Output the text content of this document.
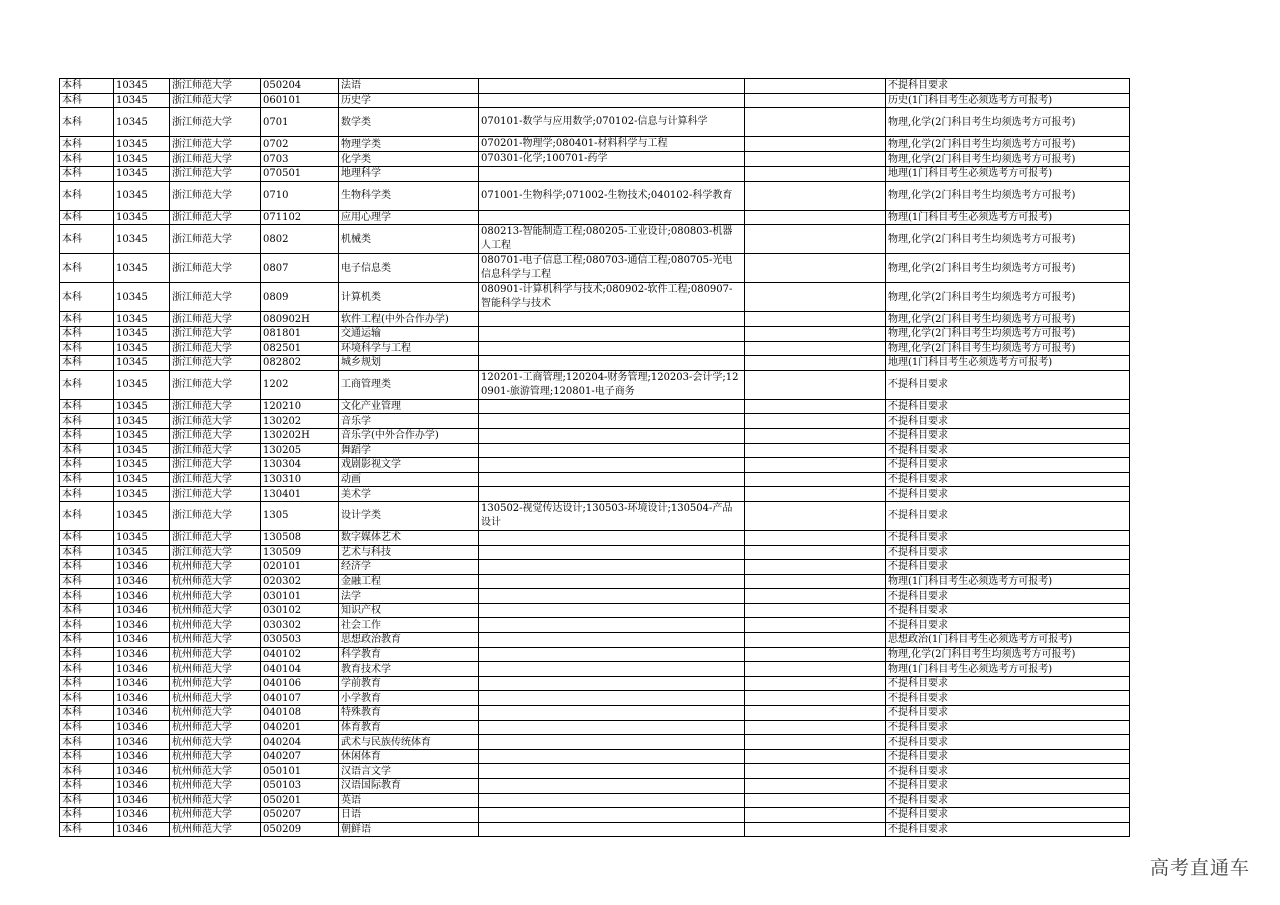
本科	10345	浙江师范大学	050204	法语			不提科目要求
本科	10345	浙江师范大学	060101	历史学			历史(1门科目考生必须选考方可报考)
本科	10345	浙江师范大学	0701	数学类	070101-数学与应用数学;070102-信息与计算科学		物理,化学(2门科目考生均须选考方可报考)
本科	10345	浙江师范大学	0702	物理学类	070201-物理学;080401-材料科学与工程		物理,化学(2门科目考生均须选考方可报考)
本科	10345	浙江师范大学	0703	化学类	070301-化学;100701-药学		物理,化学(2门科目考生均须选考方可报考)
本科	10345	浙江师范大学	070501	地理科学			地理(1门科目考生必须选考方可报考)
本科	10345	浙江师范大学	0710	生物科学类	071001-生物科学;071002-生物技术;040102-科学教育		物理,化学(2门科目考生均须选考方可报考)
本科	10345	浙江师范大学	071102	应用心理学			物理(1门科目考生必须选考方可报考)
本科	10345	浙江师范大学	0802	机械类	080213-智能制造工程;080205-工业设计;080803-机器人工程		物理,化学(2门科目考生均须选考方可报考)
本科	10345	浙江师范大学	0807	电子信息类	080701-电子信息工程;080703-通信工程;080705-光电信息科学与工程		物理,化学(2门科目考生均须选考方可报考)
本科	10345	浙江师范大学	0809	计算机类	080901-计算机科学与技术;080902-软件工程;080907-智能科学与技术		物理,化学(2门科目考生均须选考方可报考)
本科	10345	浙江师范大学	080902H	软件工程(中外合作办学)			物理,化学(2门科目考生均须选考方可报考)
本科	10345	浙江师范大学	081801	交通运输			物理,化学(2门科目考生均须选考方可报考)
本科	10345	浙江师范大学	082501	环境科学与工程			物理,化学(2门科目考生均须选考方可报考)
本科	10345	浙江师范大学	082802	城乡规划			地理(1门科目考生必须选考方可报考)
本科	10345	浙江师范大学	1202	工商管理类	120201-工商管理;120204-财务管理;120203-会计学;120901-旅游管理;120801-电子商务		不提科目要求
本科	10345	浙江师范大学	120210	文化产业管理			不提科目要求
本科	10345	浙江师范大学	130202	音乐学			不提科目要求
本科	10345	浙江师范大学	130202H	音乐学(中外合作办学)			不提科目要求
本科	10345	浙江师范大学	130205	舞蹈学			不提科目要求
本科	10345	浙江师范大学	130304	戏剧影视文学			不提科目要求
本科	10345	浙江师范大学	130310	动画			不提科目要求
本科	10345	浙江师范大学	130401	美术学			不提科目要求
本科	10345	浙江师范大学	1305	设计学类	130502-视觉传达设计;130503-环境设计;130504-产品设计		不提科目要求
本科	10345	浙江师范大学	130508	数字媒体艺术			不提科目要求
本科	10345	浙江师范大学	130509	艺术与科技			不提科目要求
本科	10346	杭州师范大学	020101	经济学			不提科目要求
本科	10346	杭州师范大学	020302	金融工程			物理(1门科目考生必须选考方可报考)
本科	10346	杭州师范大学	030101	法学			不提科目要求
本科	10346	杭州师范大学	030102	知识产权			不提科目要求
本科	10346	杭州师范大学	030302	社会工作			不提科目要求
本科	10346	杭州师范大学	030503	思想政治教育			思想政治(1门科目考生必须选考方可报考)
本科	10346	杭州师范大学	040102	科学教育			物理,化学(2门科目考生均须选考方可报考)
本科	10346	杭州师范大学	040104	教育技术学			物理(1门科目考生必须选考方可报考)
本科	10346	杭州师范大学	040106	学前教育			不提科目要求
本科	10346	杭州师范大学	040107	小学教育			不提科目要求
本科	10346	杭州师范大学	040108	特殊教育			不提科目要求
本科	10346	杭州师范大学	040201	体育教育			不提科目要求
本科	10346	杭州师范大学	040204	武术与民族传统体育			不提科目要求
本科	10346	杭州师范大学	040207	休闲体育			不提科目要求
本科	10346	杭州师范大学	050101	汉语言文学			不提科目要求
本科	10346	杭州师范大学	050103	汉语国际教育			不提科目要求
本科	10346	杭州师范大学	050201	英语			不提科目要求
本科	10346	杭州师范大学	050207	日语			不提科目要求
本科	10346	杭州师范大学	050209	朝鲜语			不提科目要求
高考直通车
